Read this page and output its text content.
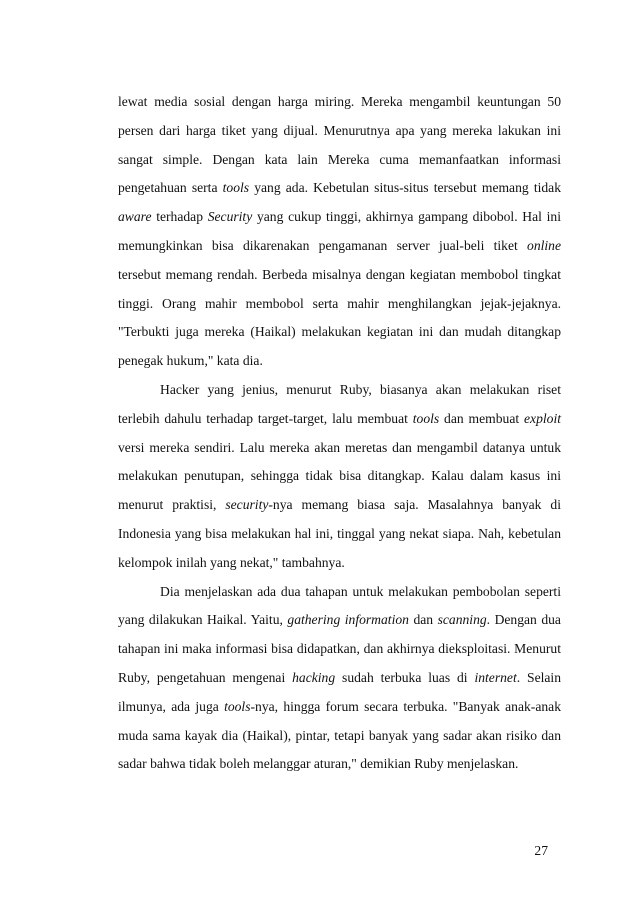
lewat media sosial dengan harga miring. Mereka mengambil keuntungan 50 persen dari harga tiket yang dijual. Menurutnya apa yang mereka lakukan ini sangat simple. Dengan kata lain Mereka cuma memanfaatkan informasi pengetahuan serta tools yang ada. Kebetulan situs-situs tersebut memang tidak aware terhadap Security yang cukup tinggi, akhirnya gampang dibobol. Hal ini memungkinkan bisa dikarenakan pengamanan server jual-beli tiket online tersebut memang rendah. Berbeda misalnya dengan kegiatan membobol tingkat tinggi. Orang mahir membobol serta mahir menghilangkan jejak-jejaknya. "Terbukti juga mereka (Haikal) melakukan kegiatan ini dan mudah ditangkap penegak hukum," kata dia.

Hacker yang jenius, menurut Ruby, biasanya akan melakukan riset terlebih dahulu terhadap target-target, lalu membuat tools dan membuat exploit versi mereka sendiri. Lalu mereka akan meretas dan mengambil datanya untuk melakukan penutupan, sehingga tidak bisa ditangkap. Kalau dalam kasus ini menurut praktisi, security-nya memang biasa saja. Masalahnya banyak di Indonesia yang bisa melakukan hal ini, tinggal yang nekat siapa. Nah, kebetulan kelompok inilah yang nekat," tambahnya.

Dia menjelaskan ada dua tahapan untuk melakukan pembobolan seperti yang dilakukan Haikal. Yaitu, gathering information dan scanning. Dengan dua tahapan ini maka informasi bisa didapatkan, dan akhirnya dieksploitasi. Menurut Ruby, pengetahuan mengenai hacking sudah terbuka luas di internet. Selain ilmunya, ada juga tools-nya, hingga forum secara terbuka. "Banyak anak-anak muda sama kayak dia (Haikal), pintar, tetapi banyak yang sadar akan risiko dan sadar bahwa tidak boleh melanggar aturan," demikian Ruby menjelaskan.

27
